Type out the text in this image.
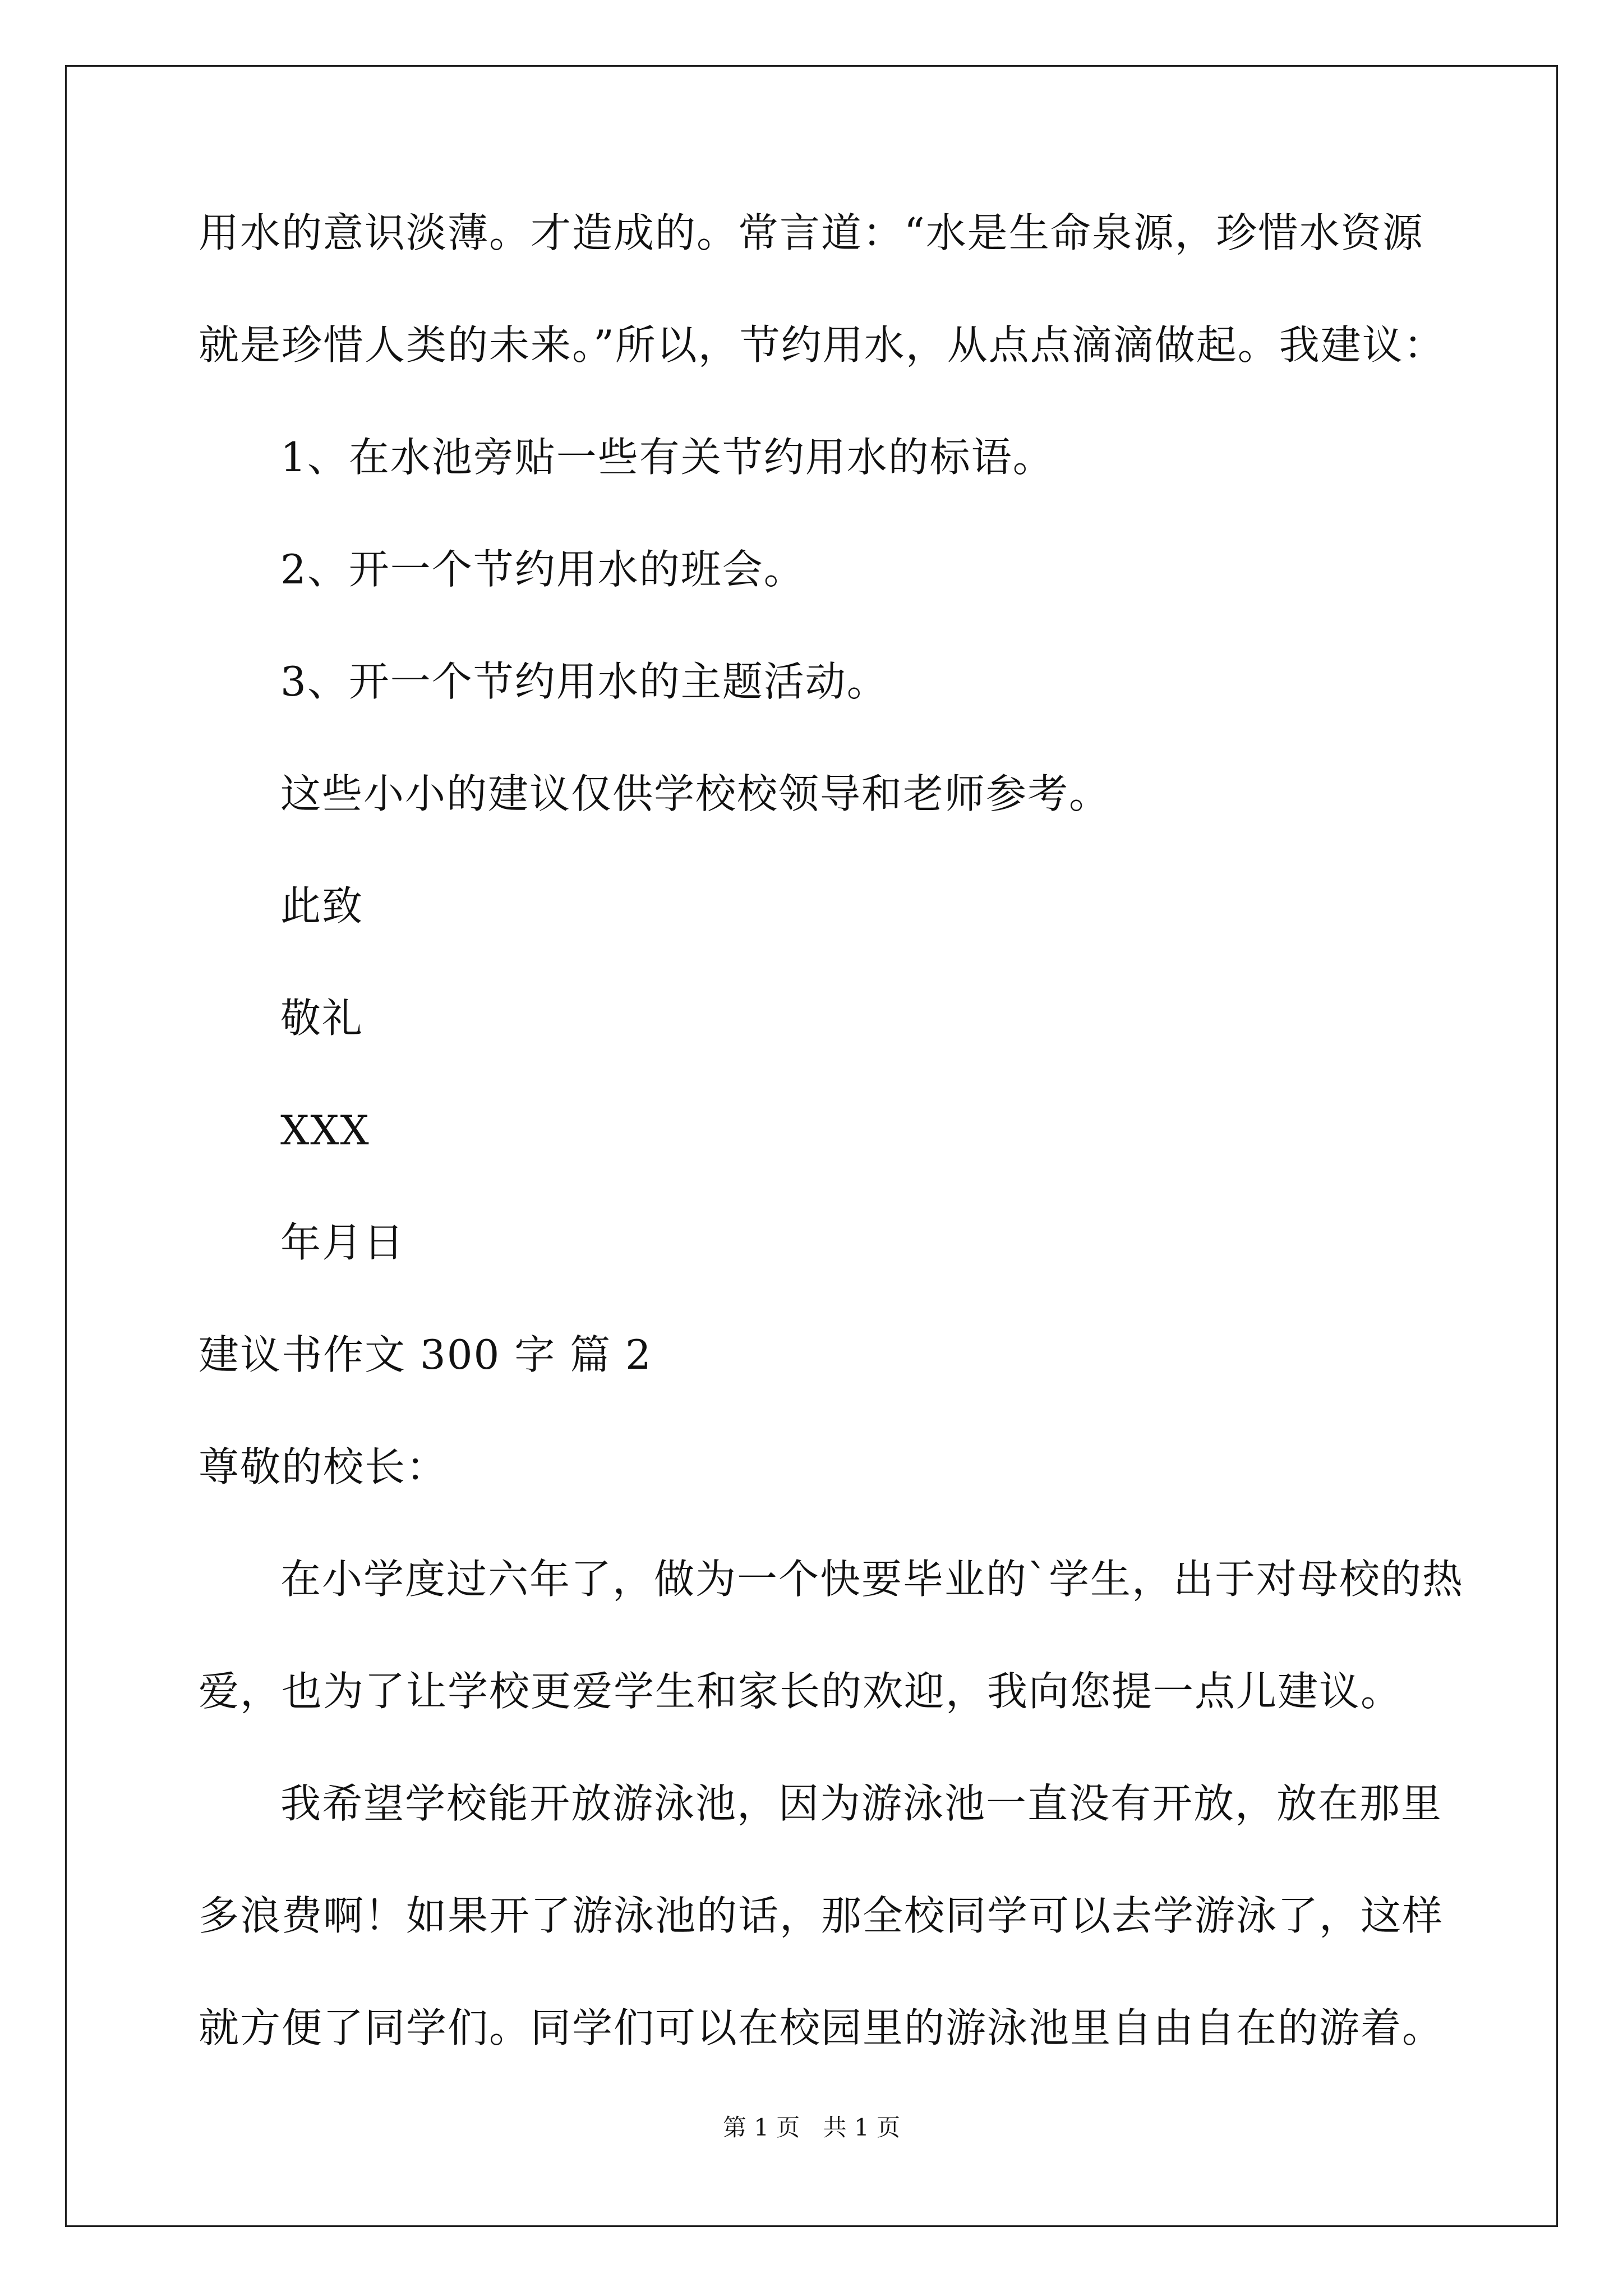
用水的意识淡薄。才造成的。常言道：“水是生命泉源，珍惜水资源
就是珍惜人类的未来。”所以，节约用水，从点点滴滴做起。我建议：
1、在水池旁贴一些有关节约用水的标语。
2、开一个节约用水的班会。
3、开一个节约用水的主题活动。
这些小小的建议仅供学校校领导和老师参考。
此致
敬礼
XXX
年月日
建议书作文 300 字 篇 2
尊敬的校长：
在小学度过六年了，做为一个快要毕业的`学生，出于对母校的热
爱，也为了让学校更爱学生和家长的欢迎，我向您提一点儿建议。
我希望学校能开放游泳池，因为游泳池一直没有开放，放在那里
多浪费啊！如果开了游泳池的话，那全校同学可以去学游泳了，这样
就方便了同学们。同学们可以在校园里的游泳池里自由自在的游着。
第 1 页 共 1 页
